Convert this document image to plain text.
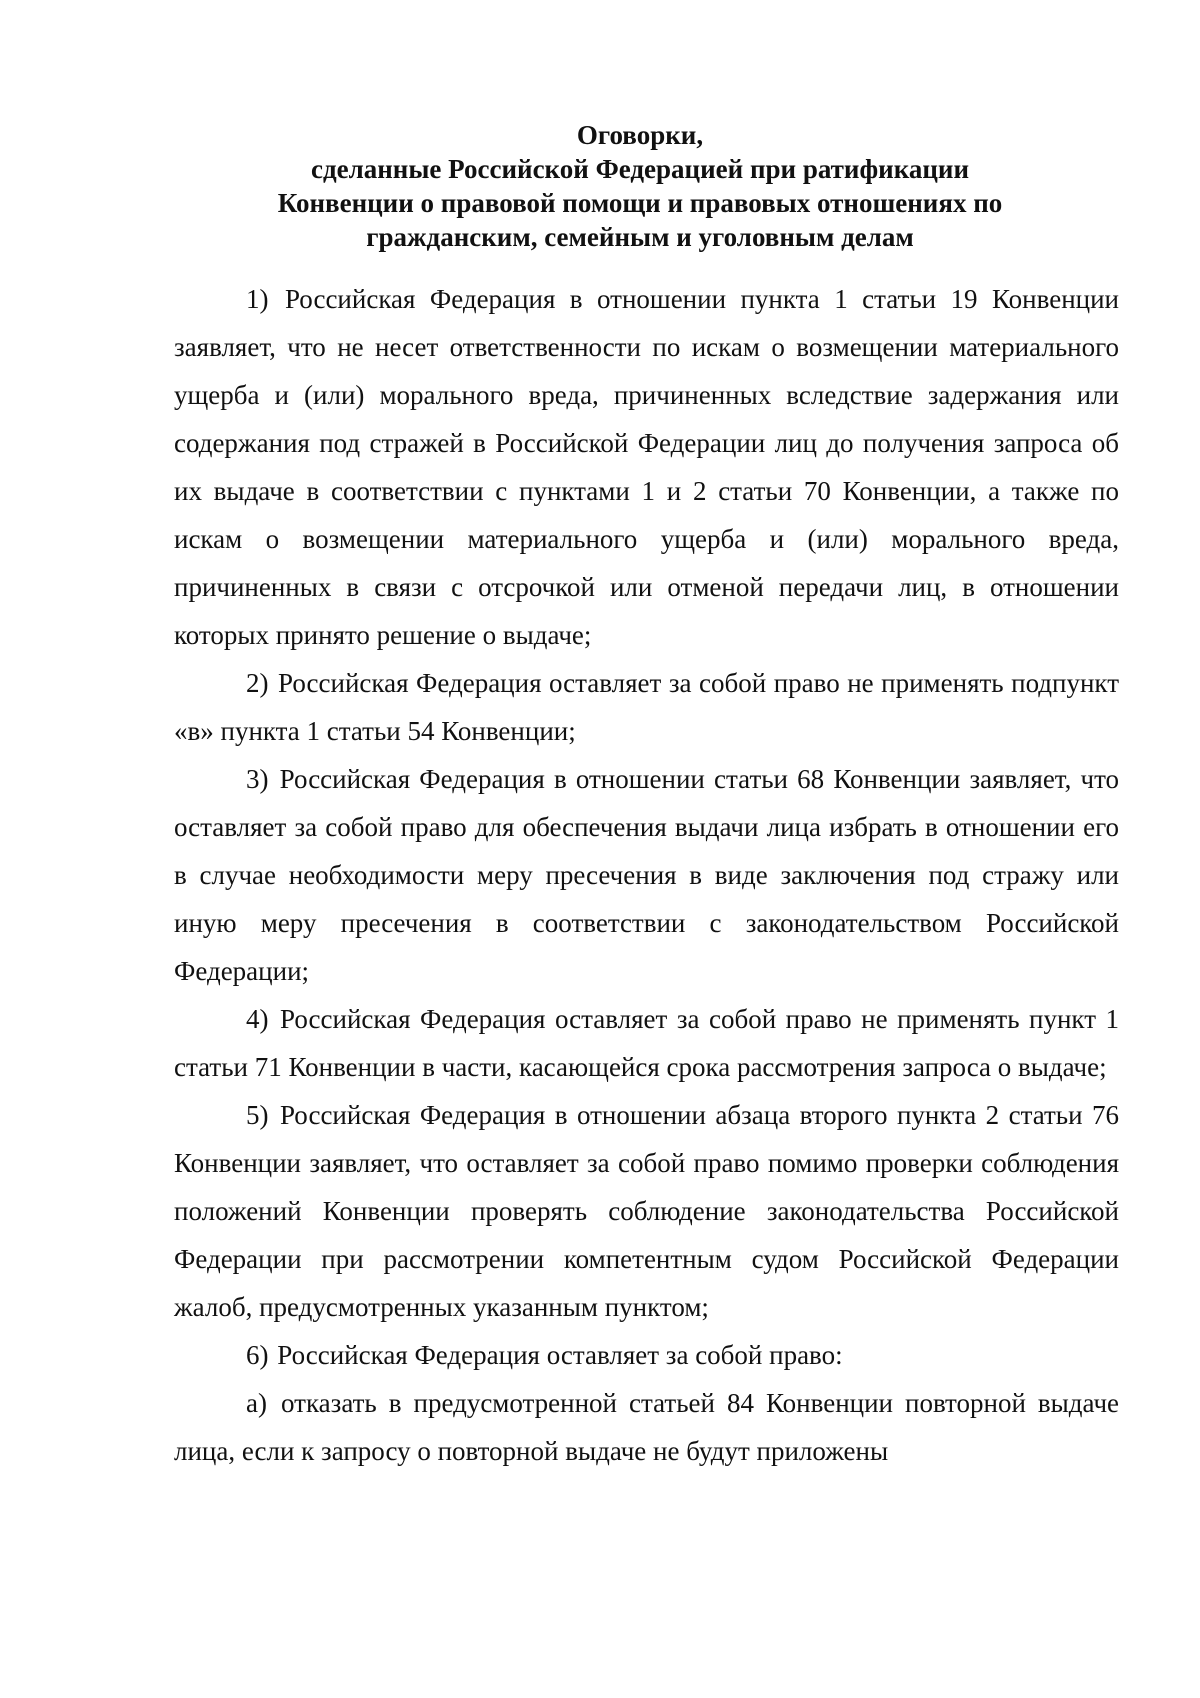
Оговорки,
сделанные Российской Федерацией при ратификации
Конвенции о правовой помощи и правовых отношениях по
гражданским, семейным и уголовным делам

1) Российская Федерация в отношении пункта 1 статьи 19 Конвенции заявляет, что не несет ответственности по искам о возмещении материального ущерба и (или) морального вреда, причиненных вследствие задержания или содержания под стражей в Российской Федерации лиц до получения запроса об их выдаче в соответствии с пунктами 1 и 2 статьи 70 Конвенции, а также по искам о возмещении материального ущерба и (или) морального вреда, причиненных в связи с отсрочкой или отменой передачи лиц, в отношении которых принято решение о выдаче;

2) Российская Федерация оставляет за собой право не применять подпункт «в» пункта 1 статьи 54 Конвенции;

3) Российская Федерация в отношении статьи 68 Конвенции заявляет, что оставляет за собой право для обеспечения выдачи лица избрать в отношении его в случае необходимости меру пресечения в виде заключения под стражу или иную меру пресечения в соответствии с законодательством Российской Федерации;

4) Российская Федерация оставляет за собой право не применять пункт 1 статьи 71 Конвенции в части, касающейся срока рассмотрения запроса о выдаче;

5) Российская Федерация в отношении абзаца второго пункта 2 статьи 76 Конвенции заявляет, что оставляет за собой право помимо проверки соблюдения положений Конвенции проверять соблюдение законодательства Российской Федерации при рассмотрении компетентным судом Российской Федерации жалоб, предусмотренных указанным пунктом;

6) Российская Федерация оставляет за собой право:

а) отказать в предусмотренной статьей 84 Конвенции повторной выдаче лица, если к запросу о повторной выдаче не будут приложены
